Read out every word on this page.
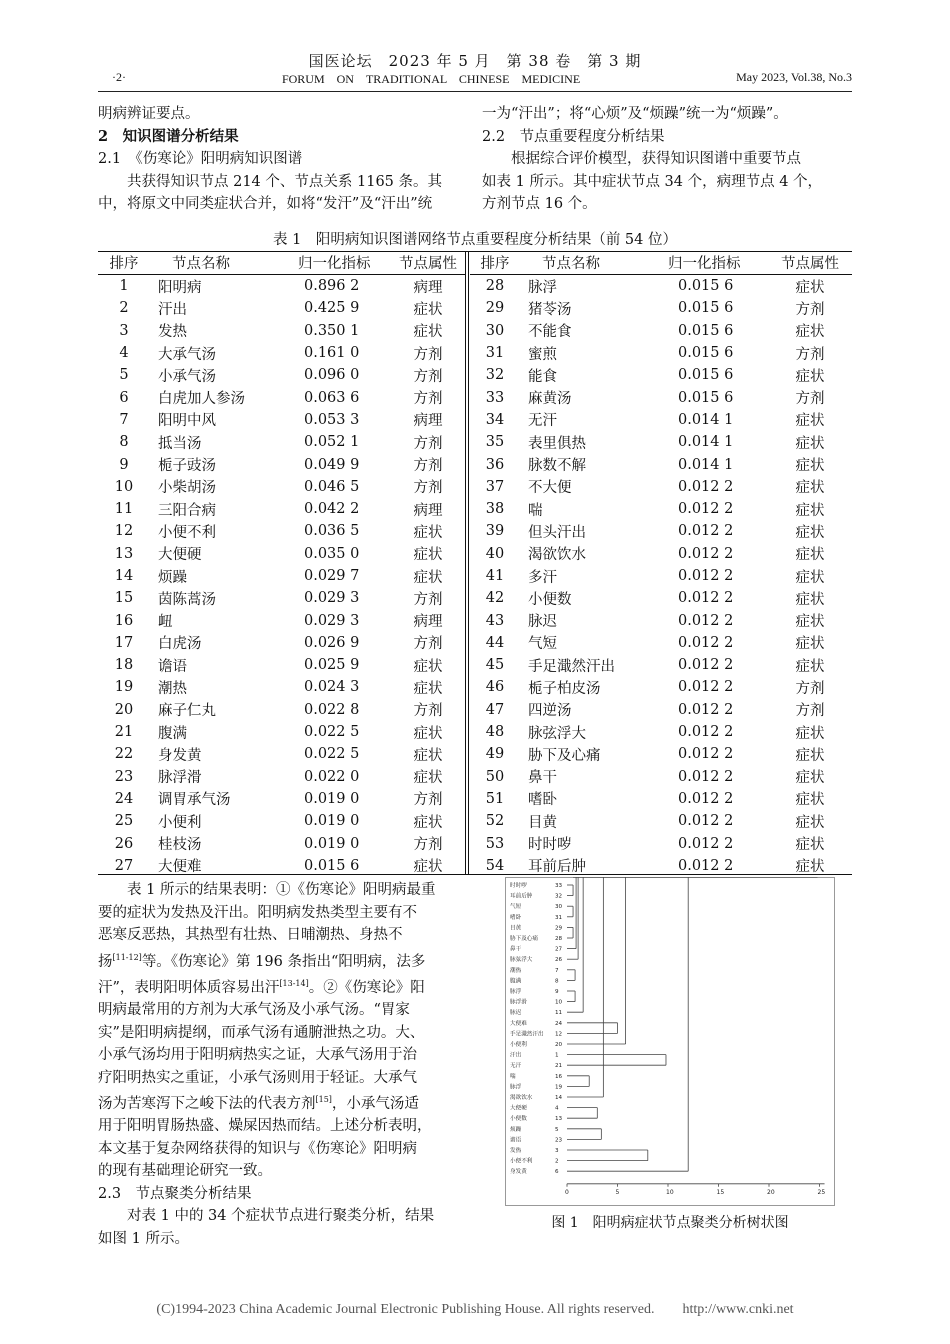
国医论坛　2023 年 5 月　第 38 卷　第 3 期
·2·	FORUM　ON　TRADITIONAL　CHINESE　MEDICINE	May 2023, Vol.38, No.3
明病辨证要点。
2　知识图谱分析结果
2.1　《伤寒论》阳明病知识图谱
共获得知识节点 214 个、节点关系 1165 条。其
中，将原文中同类症状合并，如将“发汗”及“汗出”统
一为“汗出”；将“心烦”及“烦躁”统一为“烦躁”。
2.2　节点重要程度分析结果
根据综合评价模型，获得知识图谱中重要节点
如表 1 所示。其中症状节点 34 个，病理节点 4 个，
方剂节点 16 个。
表 1　阳明病知识图谱网络节点重要程度分析结果（前 54 位）
排序	节点名称	归一化指标	节点属性
1	阳明病	0.896 2	病理
2	汗出	0.425 9	症状
3	发热	0.350 1	症状
4	大承气汤	0.161 0	方剂
5	小承气汤	0.096 0	方剂
6	白虎加人参汤	0.063 6	方剂
7	阳明中风	0.053 3	病理
8	抵当汤	0.052 1	方剂
9	栀子豉汤	0.049 9	方剂
10	小柴胡汤	0.046 5	方剂
11	三阳合病	0.042 2	病理
12	小便不利	0.036 5	症状
13	大便硬	0.035 0	症状
14	烦躁	0.029 7	症状
15	茵陈蒿汤	0.029 3	方剂
16	衄	0.029 3	病理
17	白虎汤	0.026 9	方剂
18	谵语	0.025 9	症状
19	潮热	0.024 3	症状
20	麻子仁丸	0.022 8	方剂
21	腹满	0.022 5	症状
22	身发黄	0.022 5	症状
23	脉浮滑	0.022 0	症状
24	调胃承气汤	0.019 0	方剂
25	小便利	0.019 0	症状
26	桂枝汤	0.019 0	方剂
27	大便难	0.015 6	症状
排序	节点名称	归一化指标	节点属性
28	脉浮	0.015 6	症状
29	猪苓汤	0.015 6	方剂
30	不能食	0.015 6	症状
31	蜜煎	0.015 6	方剂
32	能食	0.015 6	症状
33	麻黄汤	0.015 6	方剂
34	无汗	0.014 1	症状
35	表里俱热	0.014 1	症状
36	脉数不解	0.014 1	症状
37	不大便	0.012 2	症状
38	喘	0.012 2	症状
39	但头汗出	0.012 2	症状
40	渴欲饮水	0.012 2	症状
41	多汗	0.012 2	症状
42	小便数	0.012 2	症状
43	脉迟	0.012 2	症状
44	气短	0.012 2	症状
45	手足濈然汗出	0.012 2	症状
46	栀子柏皮汤	0.012 2	方剂
47	四逆汤	0.012 2	方剂
48	脉弦浮大	0.012 2	症状
49	胁下及心痛	0.012 2	症状
50	鼻干	0.012 2	症状
51	嗜卧	0.012 2	症状
52	目黄	0.012 2	症状
53	时时哕	0.012 2	症状
54	耳前后肿	0.012 2	症状
表 1 所示的结果表明：①《伤寒论》阳明病最重
要的症状为发热及汗出。阳明病发热类型主要有不
恶寒反恶热，其热型有壮热、日晡潮热、身热不
扬[11-12]等。《伤寒论》第 196 条指出“阳明病，法多
汗”，表明阳明体质容易出汗[13-14]。②《伤寒论》阳
明病最常用的方剂为大承气汤及小承气汤。“胃家
实”是阳明病提纲，而承气汤有通腑泄热之功。大、
小承气汤均用于阳明病热实之证，大承气汤用于治
疗阳明热实之重证，小承气汤则用于轻证。大承气
汤为苦寒泻下之峻下法的代表方剂[15]，小承气汤适
用于阳明胃肠热盛、燥屎因热而结。上述分析表明，
本文基于复杂网络获得的知识与《伤寒论》阳明病
的现有基础理论研究一致。
2.3　节点聚类分析结果
对表 1 中的 34 个症状节点进行聚类分析，结果
如图 1 所示。
时时哕	33
耳前后肿	32
气短	30
嗜卧	31
目黄	29
胁下及心痛	28
鼻干	27
脉弦浮大	26
潮热	7
腹满	8
脉浮	9
脉浮滑	10
脉迟	11
大便难	24
手足濈然汗出 12
小便利	20
汗出	1
无汗	21
喘	16
脉浮	19
渴欲饮水	14
大便硬	4
小便数	13
烦躁	5
谵语	23
发热	3
小便不利	2
身发黄	6
0	5	10	15	20	25
图 1　阳明病症状节点聚类分析树状图
(C)1994-2023 China Academic Journal Electronic Publishing House. All rights reserved.　　http://www.cnki.net
